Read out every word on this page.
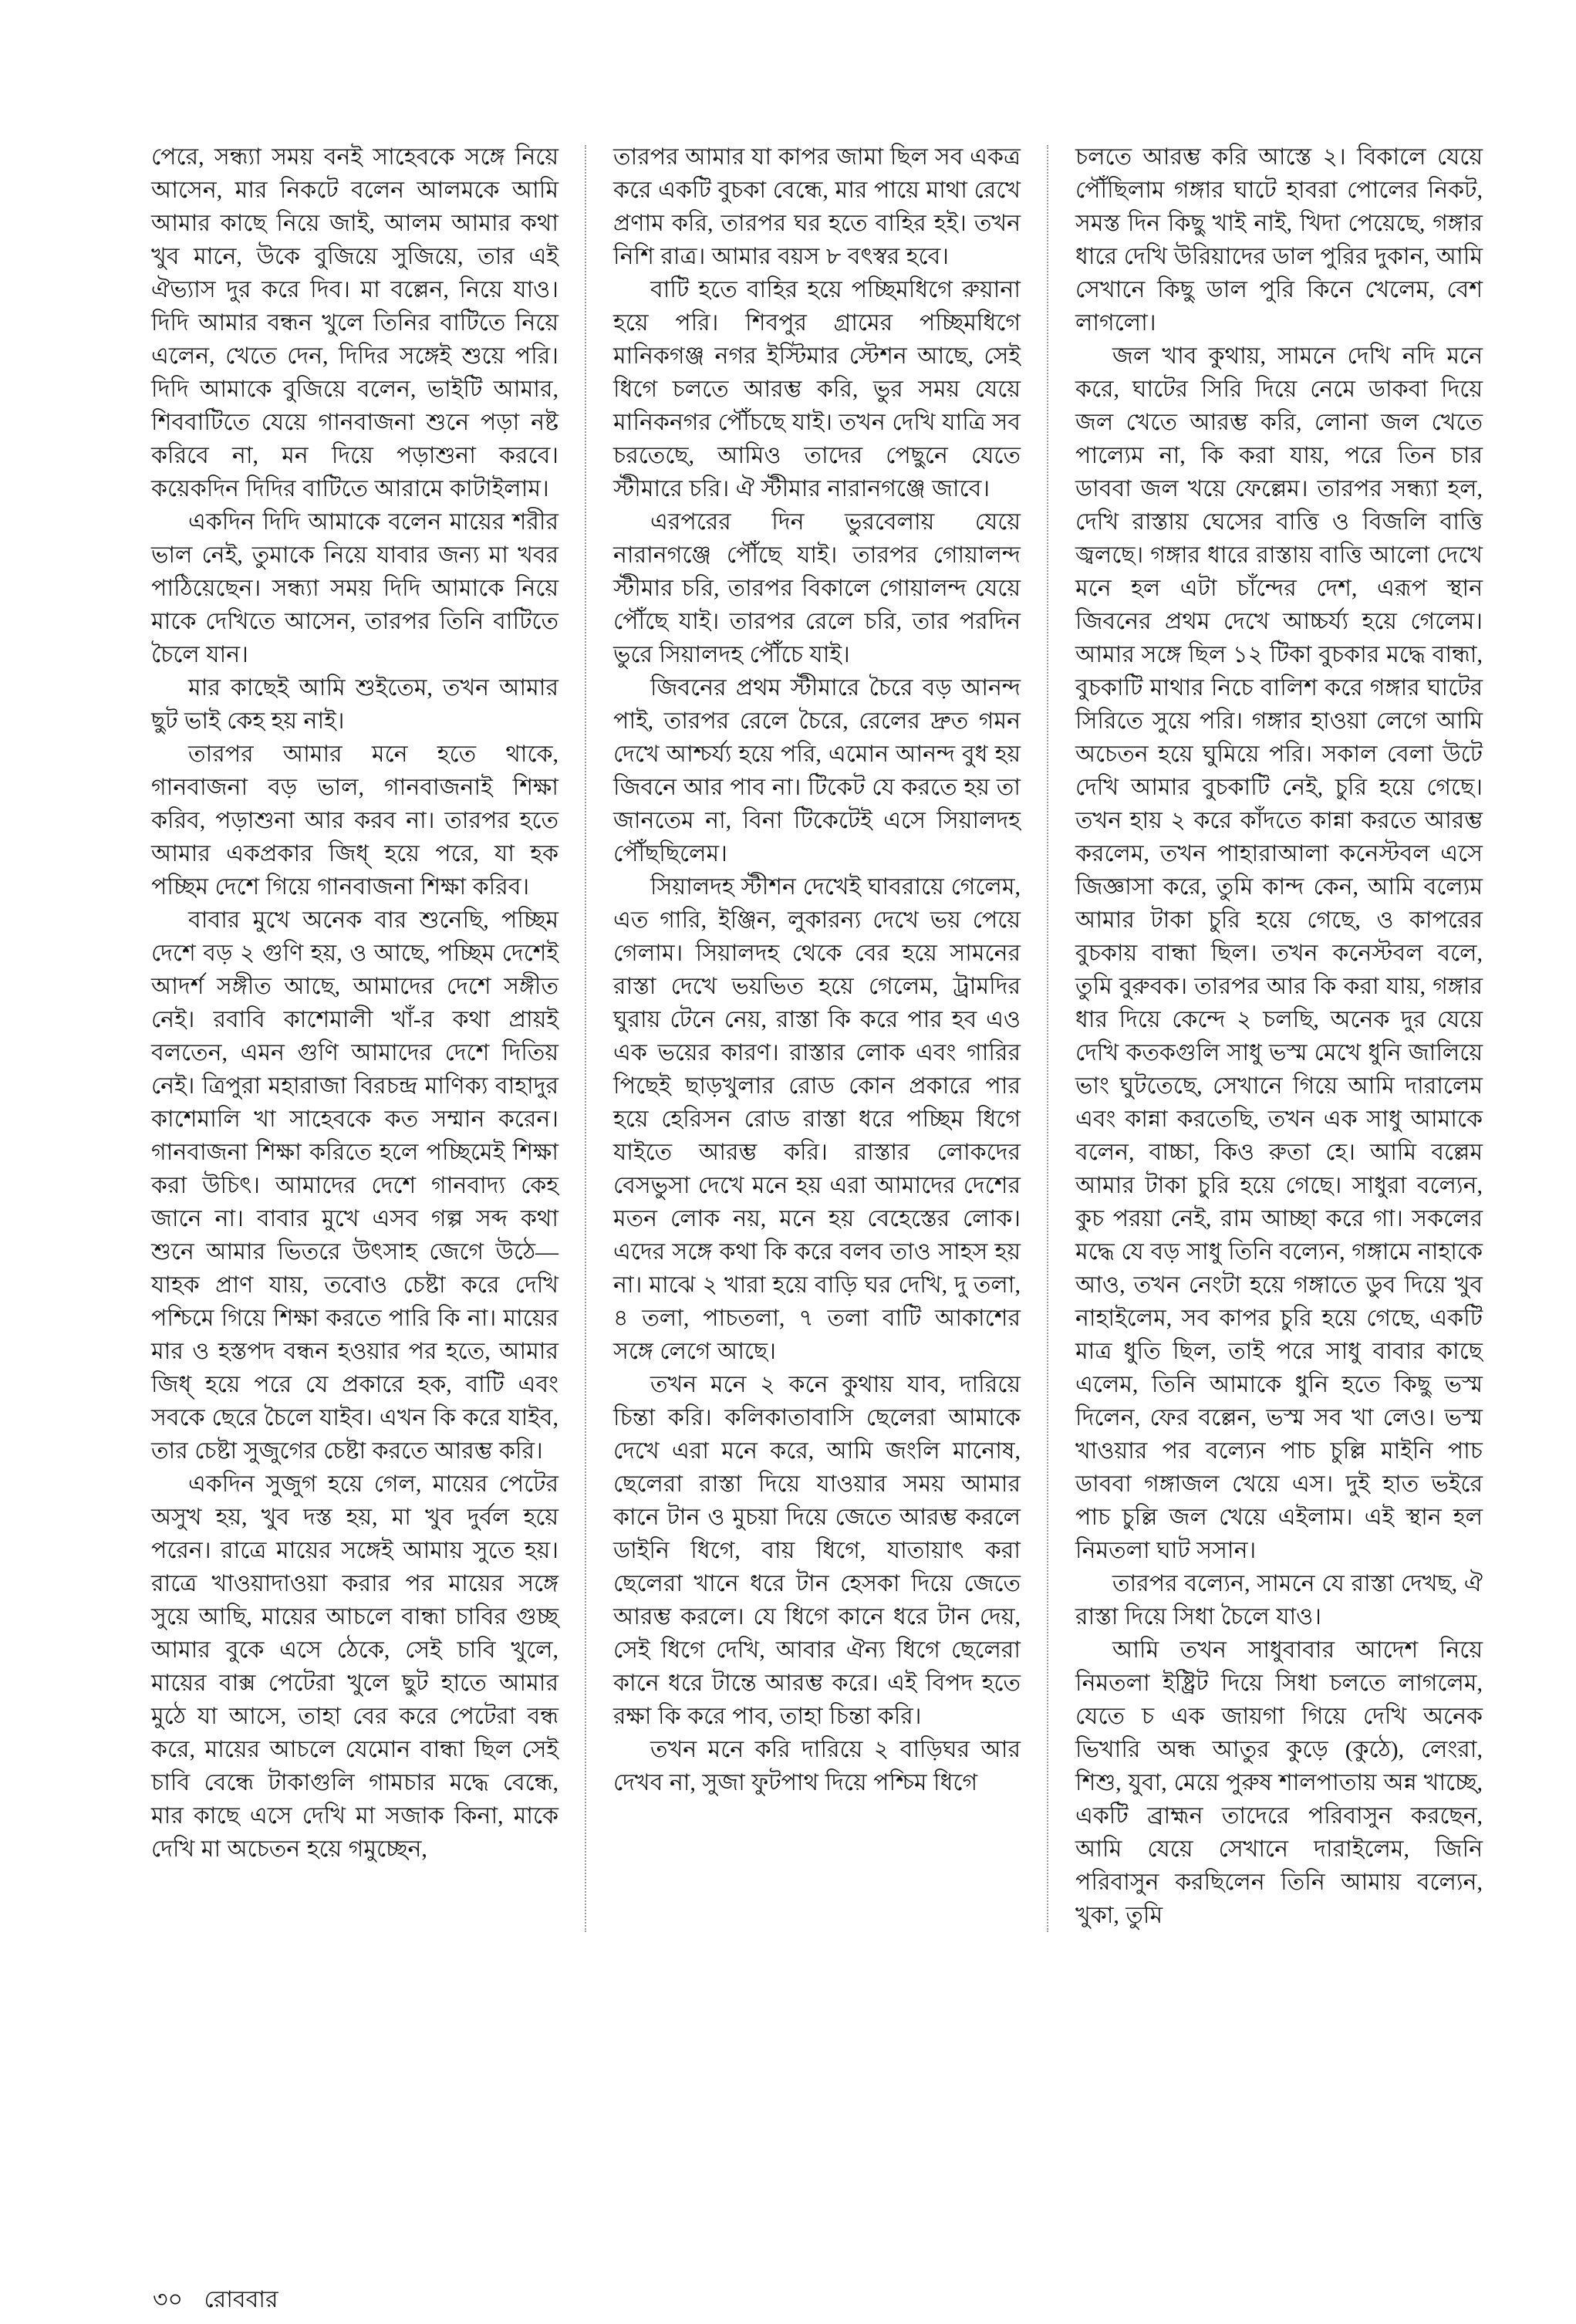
পেরে, সন্ধ্যা সময় বনই সাহেবকে সঙ্গে নিয়ে আসেন, মার নিকটে বলেন আলমকে আমি আমার কাছে নিয়ে জাই, আলম আমার কথা খুব মানে, উকে বুজিয়ে সুজিয়ে, তার এই ঐভ্যাস দুর করে দিব। মা বল্লেন, নিয়ে যাও। দিদি আমার বন্ধন খুলে তিনির বাটিতে নিয়ে এলেন, খেতে দেন, দিদির সঙ্গেই শুয়ে পরি। দিদি আমাকে বুজিয়ে বলেন, ভাইটি আমার, শিববাটিতে যেয়ে গানবাজনা শুনে পড়া নষ্ট করিবে না, মন দিয়ে পড়াশুনা করবে। কয়েকদিন দিদির বাটিতে আরামে কাটাইলাম।

একদিন দিদি আমাকে বলেন মায়ের শরীর ভাল নেই, তুমাকে নিয়ে যাবার জন্য মা খবর পাঠিয়েছেন। সন্ধ্যা সময় দিদি আমাকে নিয়ে মাকে দেখিতে আসেন, তারপর তিনি বাটিতে চৈলে যান।

মার কাছেই আমি শুইতেম, তখন আমার ছুট ভাই কেহ হয় নাই।

তারপর আমার মনে হতে থাকে, গানবাজনা বড় ভাল, গানবাজনাই শিক্ষা করিব, পড়াশুনা আর করব না। তারপর হতে আমার একপ্রকার জিধ্‌ হয়ে পরে, যা হক পচ্ছিম দেশে গিয়ে গানবাজনা শিক্ষা করিব।

বাবার মুখে অনেক বার শুনেছি, পচ্ছিম দেশে বড় ২ গুণি হয়, ও আছে, পচ্ছিম দেশেই আদর্শ সঙ্গীত আছে, আমাদের দেশে সঙ্গীত নেই। রবাবি কাশেমালী খাঁ-র কথা প্রায়ই বলতেন, এমন গুণি আমাদের দেশে দিতিয় নেই। ত্রিপুরা মহারাজা বিরচন্দ্র মাণিক্য বাহাদুর কাশেমালি খা সাহেবকে কত সম্মান করেন। গানবাজনা শিক্ষা করিতে হলে পচ্ছিমেই শিক্ষা করা উচিৎ। আমাদের দেশে গানবাদ্য কেহ জানে না। বাবার মুখে এসব গল্প সব্দ কথা শুনে আমার ভিতরে উৎসাহ জেগে উঠে—যাহক প্রাণ যায়, তবোও চেষ্টা করে দেখি পশ্চিমে গিয়ে শিক্ষা করতে পারি কি না। মায়ের মার ও হস্তপদ বন্ধন হওয়ার পর হতে, আমার জিধ্‌ হয়ে পরে যে প্রকারে হক, বাটি এবং সবকে ছেরে চৈলে যাইব। এখন কি করে যাইব, তার চেষ্টা সুজুগের চেষ্টা করতে আরম্ভ করি।

একদিন সুজুগ হয়ে গেল, মায়ের পেটের অসুখ হয়, খুব দস্ত হয়, মা খুব দুর্বল হয়ে পরেন। রাত্রে মায়ের সঙ্গেই আমায় সুতে হয়। রাত্রে খাওয়াদাওয়া করার পর মায়ের সঙ্গে সুয়ে আছি, মায়ের আচলে বান্ধা চাবির গুচ্ছ আমার বুকে এসে ঠেকে, সেই চাবি খুলে, মায়ের বাক্স পেটেরা খুলে ছুট হাতে আমার মুঠে যা আসে, তাহা বের করে পেটেরা বন্ধ করে, মায়ের আচলে যেমোন বান্ধা ছিল সেই চাবি বেন্ধে টাকাগুলি গামচার মদ্ধে বেন্ধে, মার কাছে এসে দেখি মা সজাক কিনা, মাকে দেখি মা অচেতন হয়ে গমুচ্ছেন,

তারপর আমার যা কাপর জামা ছিল সব একত্র করে একটি বুচকা বেন্ধে, মার পায়ে মাথা রেখে প্রণাম করি, তারপর ঘর হতে বাহির হই। তখন নিশি রাত্র। আমার বয়স ৮ বৎস্বর হবে।

বাটি হতে বাহির হয়ে পচ্ছিমধিগে রুয়ানা হয়ে পরি। শিবপুর গ্রামের পচ্ছিমধিগে মানিকগঞ্জ নগর ইস্টিমার স্টেশন আছে, সেই ধিগে চলতে আরম্ভ করি, ভুর সময় যেয়ে মানিকনগর পৌঁচছে যাই। তখন দেখি যাত্রি সব চরতেছে, আমিও তাদের পেছুনে যেতে স্টীমারে চরি। ঐ স্টীমার নারানগঞ্জে জাবে।

এরপরের দিন ভুরবেলায় যেয়ে নারানগঞ্জে পৌঁছে যাই। তারপর গোয়ালন্দ স্টীমার চরি, তারপর বিকালে গোয়ালন্দ যেয়ে পৌঁছে যাই। তারপর রেলে চরি, তার পরদিন ভুরে সিয়ালদহ পৌঁচে যাই।

জিবনের প্রথম স্টীমারে চৈরে বড় আনন্দ পাই, তারপর রেলে চৈরে, রেলের দ্রুত গমন দেখে আশ্চর্য্য হয়ে পরি, এমোন আনন্দ বুধ হয় জিবনে আর পাব না। টিকেট যে করতে হয় তা জানতেম না, বিনা টিকেটেই এসে সিয়ালদহ পৌঁছছিলেম।

সিয়ালদহ স্টীশন দেখেই ঘাবরায়ে গেলেম, এত গারি, ইঞ্জিন, লুকারন্য দেখে ভয় পেয়ে গেলাম। সিয়ালদহ থেকে বের হয়ে সামনের রাস্তা দেখে ভয়ভিত হয়ে গেলেম, ট্রামদির ঘুরায় টেনে নেয়, রাস্তা কি করে পার হব এও এক ভয়ের কারণ। রাস্তার লোক এবং গারির পিছেই ছাড়খুলার রোড কোন প্রকারে পার হয়ে হেরিসন রোড রাস্তা ধরে পচ্ছিম ধিগে যাইতে আরম্ভ করি। রাস্তার লোকদের বেসভুসা দেখে মনে হয় এরা আমাদের দেশের মতন লোক নয়, মনে হয় বেহেস্তের লোক। এদের সঙ্গে কথা কি করে বলব তাও সাহস হয় না। মাঝে ২ খারা হয়ে বাড়ি ঘর দেখি, দু তলা, ৪ তলা, পাচতলা, ৭ তলা বাটি আকাশের সঙ্গে লেগে আছে।

তখন মনে ২ কনে কুথায় যাব, দারিয়ে চিন্তা করি। কলিকাতাবাসি ছেলেরা আমাকে দেখে এরা মনে করে, আমি জংলি মানোষ, ছেলেরা রাস্তা দিয়ে যাওয়ার সময় আমার কানে টান ও মুচয়া দিয়ে জেতে আরম্ভ করলে ডাইনি ধিগে, বায় ধিগে, যাতায়াৎ করা ছেলেরা খানে ধরে টান হেসকা দিয়ে জেতে আরম্ভ করলে। যে ধিগে কানে ধরে টান দেয়, সেই ধিগে দেখি, আবার ঐন্য ধিগে ছেলেরা কানে ধরে টান্তে আরম্ভ করে। এই বিপদ হতে রক্ষা কি করে পাব, তাহা চিন্তা করি।

তখন মনে করি দারিয়ে ২ বাড়িঘর আর দেখব না, সুজা ফুটপাথ দিয়ে পশ্চিম ধিগে

চলতে আরম্ভ করি আস্তে ২। বিকালে যেয়ে পৌঁছিলাম গঙ্গার ঘাটে হাবরা পোলের নিকট, সমস্ত দিন কিছু খাই নাই, খিদা পেয়েছে, গঙ্গার ধারে দেখি উরিয়াদের ডাল পুরির দুকান, আমি সেখানে কিছু ডাল পুরি কিনে খেলেম, বেশ লাগলো।

জল খাব কুথায়, সামনে দেখি নদি মনে করে, ঘাটের সিরি দিয়ে নেমে ডাকবা দিয়ে জল খেতে আরম্ভ করি, লোনা জল খেতে পাল্যেম না, কি করা যায়, পরে তিন চার ডাববা জল খয়ে ফেল্লেম। তারপর সন্ধ্যা হল, দেখি রাস্তায় ঘেসের বাত্তি ও বিজলি বাত্তি জ্বলছে। গঙ্গার ধারে রাস্তায় বাত্তি আলো দেখে মনে হল এটা চাঁন্দের দেশ, এরূপ স্থান জিবনের প্রথম দেখে আচ্চর্য্য হয়ে গেলেম। আমার সঙ্গে ছিল ১২ টিকা বুচকার মদ্ধে বান্ধা, বুচকাটি মাথার নিচে বালিশ করে গঙ্গার ঘাটের সিরিতে সুয়ে পরি। গঙ্গার হাওয়া লেগে আমি অচেতন হয়ে ঘুমিয়ে পরি। সকাল বেলা উটে দেখি আমার বুচকাটি নেই, চুরি হয়ে গেছে। তখন হায় ২ করে কাঁদতে কান্না করতে আরম্ভ করলেম, তখন পাহারাআলা কনেস্টবল এসে জিজ্ঞাসা করে, তুমি কান্দ কেন, আমি বল্যেম আমার টাকা চুরি হয়ে গেছে, ও কাপরের বুচকায় বান্ধা ছিল। তখন কনেস্টবল বলে, তুমি বুরুবক। তারপর আর কি করা যায়, গঙ্গার ধার দিয়ে কেন্দে ২ চলছি, অনেক দুর যেয়ে দেখি কতকগুলি সাধু ভস্ম মেখে ধুনি জালিয়ে ভাং ঘুটতেছে, সেখানে গিয়ে আমি দারালেম এবং কান্না করতেছি, তখন এক সাধু আমাকে বলেন, বাচ্চা, কিও রুতা হে। আমি বল্লেম আমার টাকা চুরি হয়ে গেছে। সাধুরা বল্যেন, কুচ পরয়া নেই, রাম আচ্ছা করে গা। সকলের মদ্ধে যে বড় সাধু তিনি বল্যেন, গঙ্গামে নাহাকে আও, তখন নেংটা হয়ে গঙ্গাতে ডুব দিয়ে খুব নাহাইলেম, সব কাপর চুরি হয়ে গেছে, একটি মাত্র ধুতি ছিল, তাই পরে সাধু বাবার কাছে এলেম, তিনি আমাকে ধুনি হতে কিছু ভস্ম দিলেন, ফের বল্লেন, ভস্ম সব খা লেও। ভস্ম খাওয়ার পর বল্যেন পাচ চুল্লি মাইনি পাচ ডাববা গঙ্গাজল খেয়ে এস। দুই হাত ভইরে পাচ চুল্লি জল খেয়ে এইলাম। এই স্থান হল নিমতলা ঘাট সসান।

তারপর বল্যেন, সামনে যে রাস্তা দেখছ, ঐ রাস্তা দিয়ে সিধা চৈলে যাও।

আমি তখন সাধুবাবার আদেশ নিয়ে নিমতলা ইষ্ট্রিট দিয়ে সিধা চলতে লাগলেম, যেতে চ এক জায়গা গিয়ে দেখি অনেক ভিখারি অন্ধ আতুর কুড়ে (কুঠে), লেংরা, শিশু, যুবা, মেয়ে পুরুষ শালপাতায় অন্ন খাচ্ছে, একটি ব্রাহ্মন তাদেরে পরিবাসুন করছেন, আমি যেয়ে সেখানে দারাইলেম, জিনি পরিবাসুন করছিলেন তিনি আমায় বল্যেন, খুকা, তুমি

৩০ রোববার
